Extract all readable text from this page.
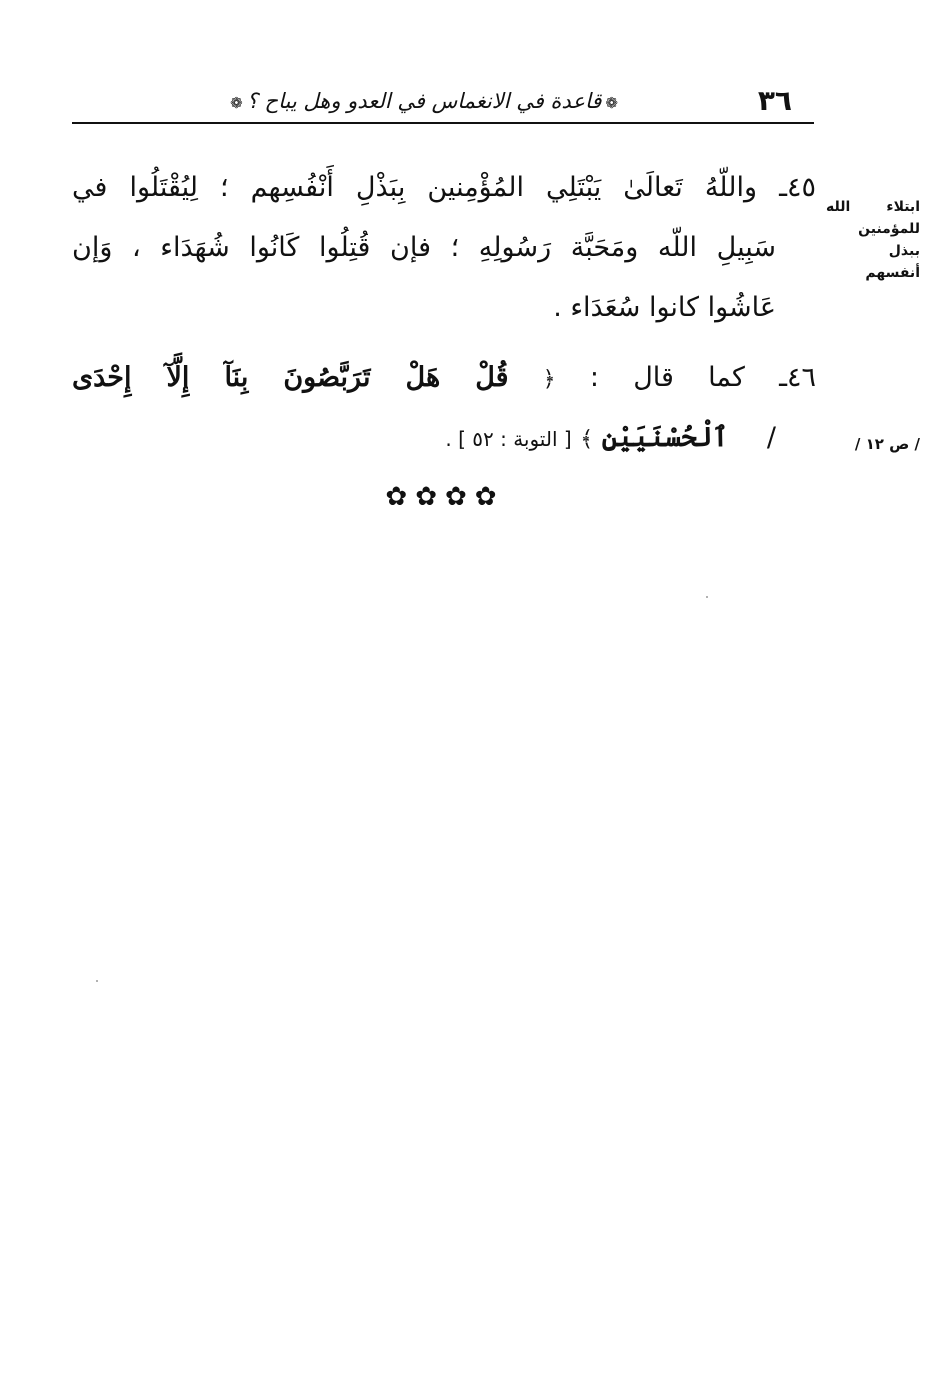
٣٦
❁قاعدة في الانغماس في العدو وهل يباح ؟❁
ابتلاء الله
للمؤمنين
ببذل
أنفسهم
/ ص ١٢ /
٤٥ـ واللّهُ تَعالَىٰ يَبْتَلِي المُؤْمِنين بِبَذْلِ أَنْفُسِهم ؛ لِيُقْتَلُوا في
سَبِيلِ اللّه ومَحَبَّة رَسُولِهِ ؛ فإن قُتِلُوا كَانُوا شُهَدَاء ، وَإن
عَاشُوا كانوا سُعَدَاء .
٤٦ـ كما قال : ﴿ قُلْ هَلْ تَرَبَّصُونَ بِنَآ إِلَّآ إِحْدَى
/ ٱلْحُسْنَيَيْنِ ﴾ [ التوبة : ٥٢ ] .
✿✿✿✿
